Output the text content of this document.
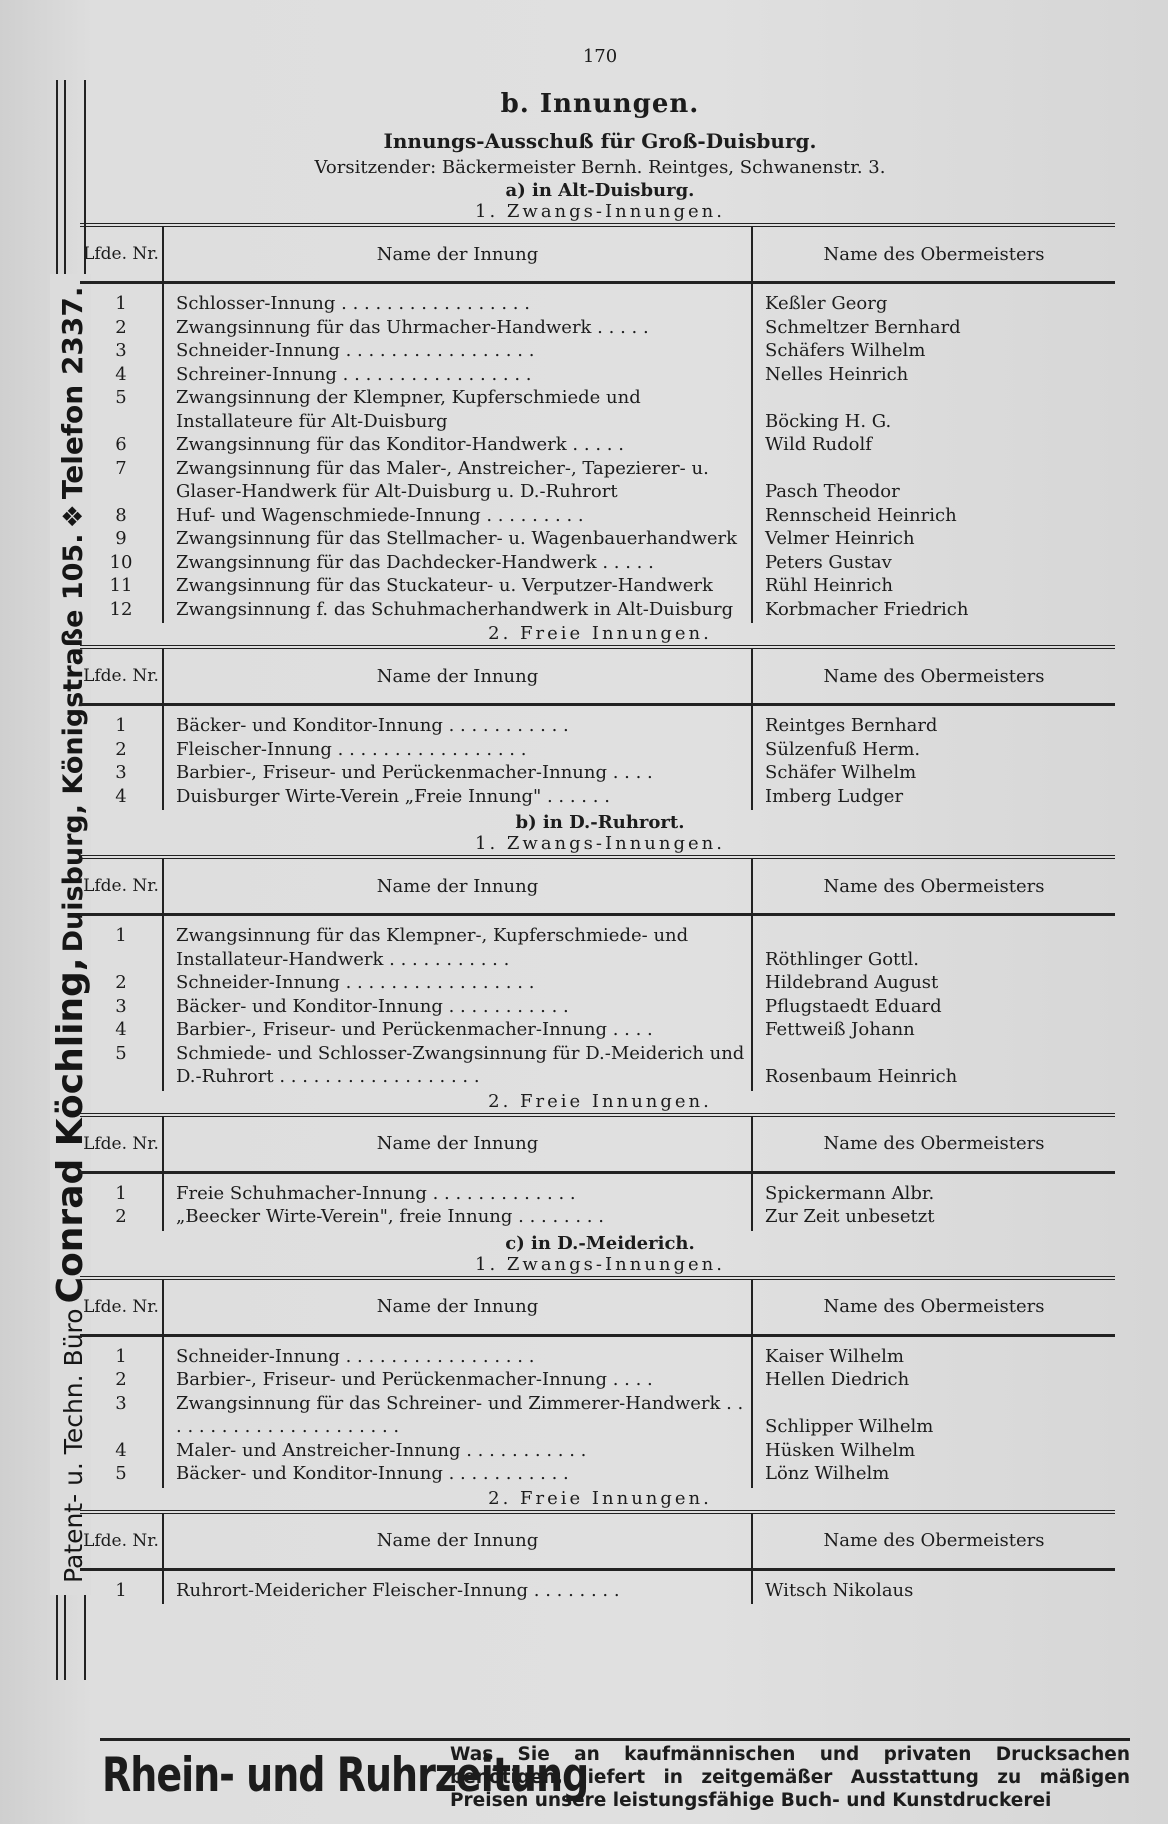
Patent- u. Techn. Büro Conrad Köchling, Duisburg, Königstraße 105. ❖ Telefon 2337.
170
b. Innungen.
Innungs-Ausschuß für Groß-Duisburg.
Vorsitzender: Bäckermeister Bernh. Reintges, Schwanenstr. 3.
a) in Alt-Duisburg.
1. Zwangs-Innungen.
Lfde. Nr.	Name der Innung	Name des Obermeisters
1	Schlosser-Innung . . . . . . . . . . . . . . . . .	Keßler Georg
2	Zwangsinnung für das Uhrmacher-Handwerk . . . . .	Schmeltzer Bernhard
3	Schneider-Innung . . . . . . . . . . . . . . . . .	Schäfers Wilhelm
4	Schreiner-Innung . . . . . . . . . . . . . . . . .	Nelles Heinrich
5	Zwangsinnung der Klempner, Kupferschmiede und Installateure für Alt-Duisburg	Böcking H. G.
6	Zwangsinnung für das Konditor-Handwerk . . . . .	Wild Rudolf
7	Zwangsinnung für das Maler-, Anstreicher-, Tapezierer- u. Glaser-Handwerk für Alt-Duisburg u. D.-Ruhrort	Pasch Theodor
8	Huf- und Wagenschmiede-Innung . . . . . . . . .	Rennscheid Heinrich
9	Zwangsinnung für das Stellmacher- u. Wagenbauerhandwerk	Velmer Heinrich
10	Zwangsinnung für das Dachdecker-Handwerk . . . . .	Peters Gustav
11	Zwangsinnung für das Stuckateur- u. Verputzer-Handwerk	Rühl Heinrich
12	Zwangsinnung f. das Schuhmacherhandwerk in Alt-Duisburg	Korbmacher Friedrich
2. Freie Innungen.
Lfde. Nr.	Name der Innung	Name des Obermeisters
1	Bäcker- und Konditor-Innung . . . . . . . . . . .	Reintges Bernhard
2	Fleischer-Innung . . . . . . . . . . . . . . . . .	Sülzenfuß Herm.
3	Barbier-, Friseur- und Perückenmacher-Innung . . . .	Schäfer Wilhelm
4	Duisburger Wirte-Verein „Freie Innung" . . . . . .	Imberg Ludger
b) in D.-Ruhrort.
1. Zwangs-Innungen.
Lfde. Nr.	Name der Innung	Name des Obermeisters
1	Zwangsinnung für das Klempner-, Kupferschmiede- und Installateur-Handwerk . . . . . . . . . . .	Röthlinger Gottl.
2	Schneider-Innung . . . . . . . . . . . . . . . . .	Hildebrand August
3	Bäcker- und Konditor-Innung . . . . . . . . . . .	Pflugstaedt Eduard
4	Barbier-, Friseur- und Perückenmacher-Innung . . . .	Fettweiß Johann
5	Schmiede- und Schlosser-Zwangsinnung für D.-Meiderich und D.-Ruhrort . . . . . . . . . . . . . . . . . .	Rosenbaum Heinrich
2. Freie Innungen.
Lfde. Nr.	Name der Innung	Name des Obermeisters
1	Freie Schuhmacher-Innung . . . . . . . . . . . . .	Spickermann Albr.
2	„Beecker Wirte-Verein", freie Innung . . . . . . . .	Zur Zeit unbesetzt
c) in D.-Meiderich.
1. Zwangs-Innungen.
Lfde. Nr.	Name der Innung	Name des Obermeisters
1	Schneider-Innung . . . . . . . . . . . . . . . . .	Kaiser Wilhelm
2	Barbier-, Friseur- und Perückenmacher-Innung . . . .	Hellen Diedrich
3	Zwangsinnung für das Schreiner- und Zimmerer-Handwerk . . . . . . . . . . . . . . . . . . . . . .	Schlipper Wilhelm
4	Maler- und Anstreicher-Innung . . . . . . . . . . .	Hüsken Wilhelm
5	Bäcker- und Konditor-Innung . . . . . . . . . . .	Lönz Wilhelm
2. Freie Innungen.
Lfde. Nr.	Name der Innung	Name des Obermeisters
1	Ruhrort-Meidericher Fleischer-Innung . . . . . . . .	Witsch Nikolaus
Rhein- und Ruhrzeitung
Was Sie an kaufmännischen und privaten Drucksachen benötigen, liefert in zeitgemäßer Ausstattung zu mäßigen Preisen unsere leistungsfähige Buch- und Kunstdruckerei
